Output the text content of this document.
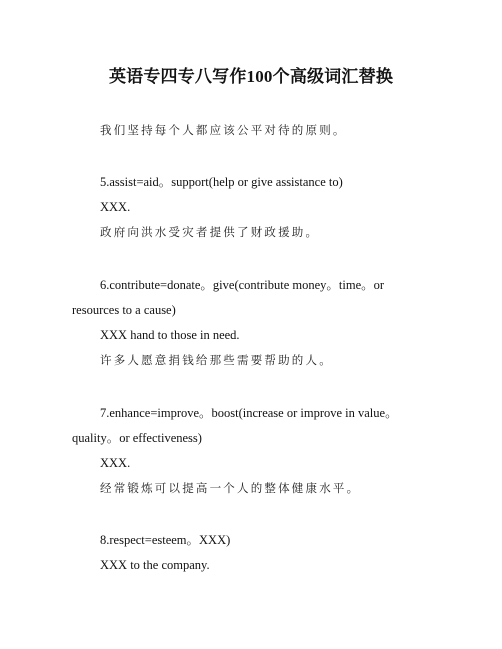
英语专四专八写作100个高级词汇替换
我们坚持每个人都应该公平对待的原则。
5.assist=aid。support(help or give assistance to)
XXX.
政府向洪水受灾者提供了财政援助。
6.contribute=donate。give(contribute money。time。or
resources to a cause)
XXX hand to those in need.
许多人愿意捐钱给那些需要帮助的人。
7.enhance=improve。boost(increase or improve in value。
quality。or effectiveness)
XXX.
经常锻炼可以提高一个人的整体健康水平。
8.respect=esteem。XXX)
XXX to the company.
